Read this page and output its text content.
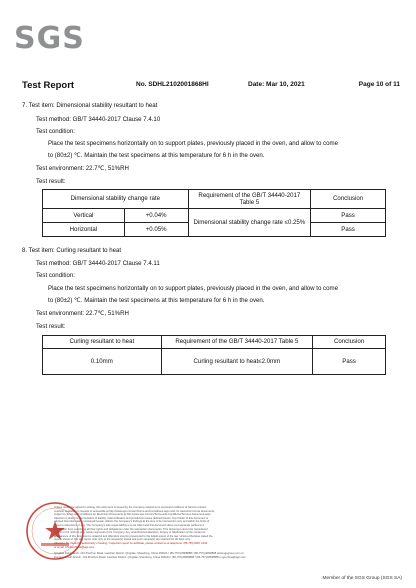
SGS
Test Report	No. SDHL2102001868HI	Date: Mar 10, 2021	Page 10 of 11
7. Test item: Dimensional stability resultant to heat
Test method: GB/T 34440-2017 Clause 7.4.10
Test condition:
Place the test specimens horizontally on to support plates, previously placed in the oven, and allow to come
to (80±2) ℃. Maintain the test specimens at this temperature for 6 h in the oven.
Test environment: 22.7℃, 51%RH
Test result:
Dimensional stability change rate		Requirement of the GB/T 34440-2017 Table 5	Conclusion
Vertical	+0.04%	Dimensional stability change rate ≤0.25%	Pass
Horizontal	+0.05%		Pass
8. Test item: Curling resultant to heat
Test method: GB/T 34440-2017 Clause 7.4.11
Test condition:
Place the test specimens horizontally on to support plates, previously placed in the oven, and allow to come
to (80±2) ℃. Maintain the test specimens at this temperature for 6 h in the oven.
Test environment: 22.7℃, 51%RH
Test result:
Curling resultant to heat	Requirement of the GB/T 34440-2017 Table 5	Conclusion
0.10mm	Curling resultant to heat≤2.0mm	Pass
Unless otherwise agreed in writing, this document is issued by the Company subject to its General Conditions of Service printed
overleaf, available on request or accessible at http://www.sgs.com/en/Terms-and-Conditions.aspx and, for electronic format documents,
subject to Terms and Conditions for Electronic Documents at http://www.sgs.com/en/Terms-and-Conditions/Terms-e-Document.aspx.
Attention is drawn to the limitation of liability, indemnification and jurisdiction issues defined therein. Any holder of this document is
advised that information contained hereon reflects the Company's findings at the time of its intervention only and within the limits of
Client's instructions, if any. The Company's sole responsibility is to its Client and this document does not exonerate parties to a
transaction from exercising all their rights and obligations under the transaction documents. This document cannot be reproduced
except in full, without prior written approval of the Company. Any unauthorized alteration, forgery or falsification of the content or
appearance of this document is unlawful and offenders may be prosecuted to the fullest extent of the law. Unless otherwise stated the
results shown in this test report refer only to the sample(s) tested and such sample(s) are retained for 30 days only.
Attention: To check the authenticity of testing / inspection report & certificate, please contact us at telephone: (86-755) 8307 1443,
or email: CN.Doccheck@sgs.com
Qingdao Sub-branch, 143 Zhuzhou Road, Laoshan District, Qingdao, Shandong, China 266101 t (86-757)22808888 f (86-757)22808888 www.sgsgroup.com.cn
Dongguan Sub-branch, 143 Zhuzhou Road, Laoshan District, Qingdao, Shandong, China 266101 t (86-757)22808888 f (86-757)22808888 e sgs.china@sgs.com
Member of the SGS Group (SGS SA)
